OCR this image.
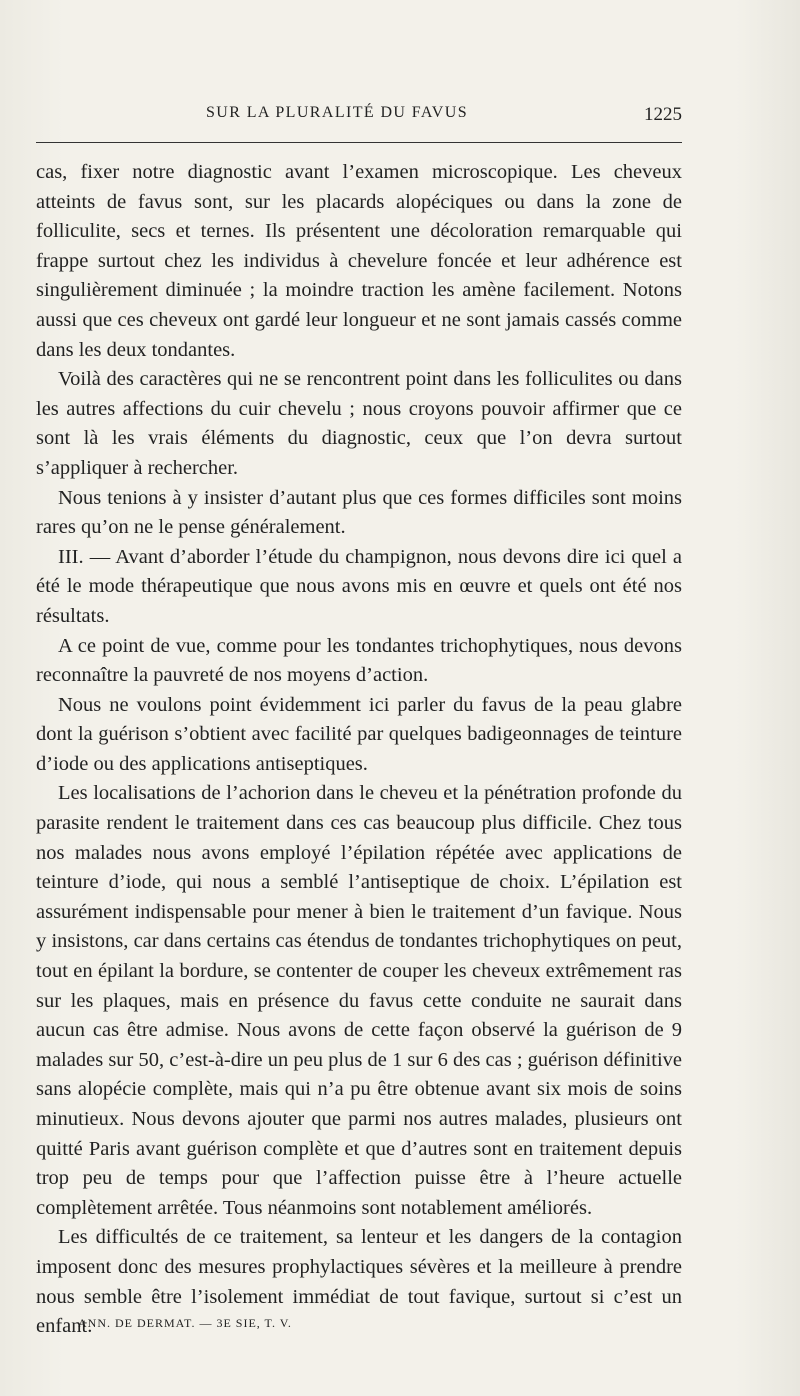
SUR LA PLURALITÉ DU FAVUS	1225

cas, fixer notre diagnostic avant l’examen microscopique. Les cheveux atteints de favus sont, sur les placards alopéciques ou dans la zone de folliculite, secs et ternes. Ils présentent une décoloration remarquable qui frappe surtout chez les individus à chevelure foncée et leur adhérence est singulièrement diminuée ; la moindre traction les amène facilement. Notons aussi que ces cheveux ont gardé leur longueur et ne sont jamais cassés comme dans les deux tondantes.

Voilà des caractères qui ne se rencontrent point dans les folliculites ou dans les autres affections du cuir chevelu ; nous croyons pouvoir affirmer que ce sont là les vrais éléments du diagnostic, ceux que l’on devra surtout s’appliquer à rechercher.

Nous tenions à y insister d’autant plus que ces formes difficiles sont moins rares qu’on ne le pense généralement.

III. — Avant d’aborder l’étude du champignon, nous devons dire ici quel a été le mode thérapeutique que nous avons mis en œuvre et quels ont été nos résultats.

A ce point de vue, comme pour les tondantes trichophytiques, nous devons reconnaître la pauvreté de nos moyens d’action.

Nous ne voulons point évidemment ici parler du favus de la peau glabre dont la guérison s’obtient avec facilité par quelques badigeonnages de teinture d’iode ou des applications antiseptiques.

Les localisations de l’achorion dans le cheveu et la pénétration profonde du parasite rendent le traitement dans ces cas beaucoup plus difficile. Chez tous nos malades nous avons employé l’épilation répétée avec applications de teinture d’iode, qui nous a semblé l’antiseptique de choix. L’épilation est assurément indispensable pour mener à bien le traitement d’un favique. Nous y insistons, car dans certains cas étendus de tondantes trichophytiques on peut, tout en épilant la bordure, se contenter de couper les cheveux extrêmement ras sur les plaques, mais en présence du favus cette conduite ne saurait dans aucun cas être admise. Nous avons de cette façon observé la guérison de 9 malades sur 50, c’est-à-dire un peu plus de 1 sur 6 des cas ; guérison définitive sans alopécie complète, mais qui n’a pu être obtenue avant six mois de soins minutieux. Nous devons ajouter que parmi nos autres malades, plusieurs ont quitté Paris avant guérison complète et que d’autres sont en traitement depuis trop peu de temps pour que l’affection puisse être à l’heure actuelle complètement arrêtée. Tous néanmoins sont notablement améliorés.

Les difficultés de ce traitement, sa lenteur et les dangers de la contagion imposent donc des mesures prophylactiques sévères et la meilleure à prendre nous semble être l’isolement immédiat de tout favique, surtout si c’est un enfant.

ANN. DE DERMAT. — 3E SIE, T. V.
